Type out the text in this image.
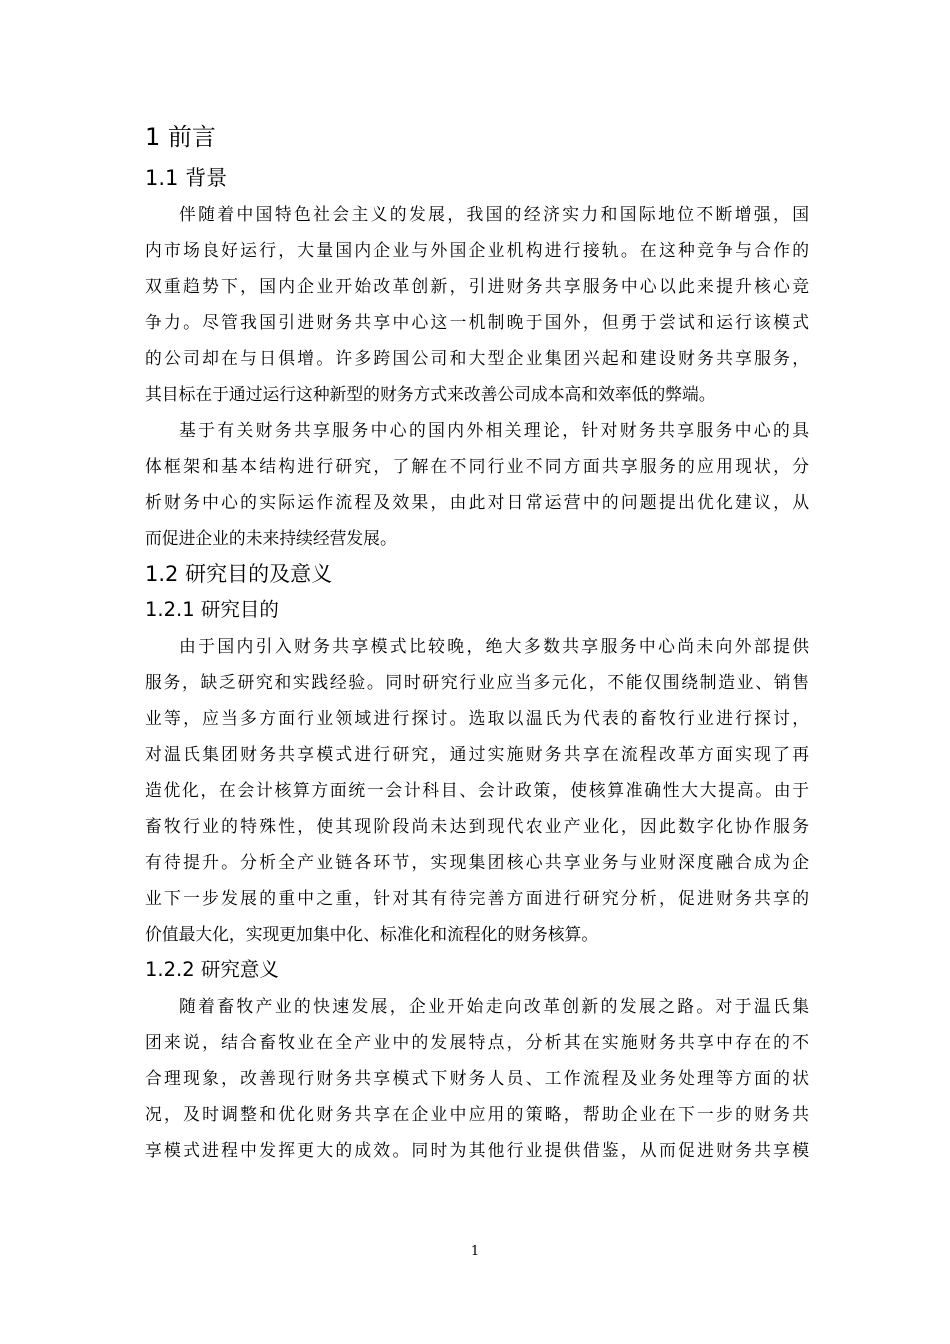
1 前言
1.1 背景
伴随着中国特色社会主义的发展，我国的经济实力和国际地位不断增强，国
内市场良好运行，大量国内企业与外国企业机构进行接轨。在这种竞争与合作的
双重趋势下，国内企业开始改革创新，引进财务共享服务中心以此来提升核心竞
争力。尽管我国引进财务共享中心这一机制晚于国外，但勇于尝试和运行该模式
的公司却在与日俱增。许多跨国公司和大型企业集团兴起和建设财务共享服务，
其目标在于通过运行这种新型的财务方式来改善公司成本高和效率低的弊端。
基于有关财务共享服务中心的国内外相关理论，针对财务共享服务中心的具
体框架和基本结构进行研究，了解在不同行业不同方面共享服务的应用现状，分
析财务中心的实际运作流程及效果，由此对日常运营中的问题提出优化建议，从
而促进企业的未来持续经营发展。
1.2 研究目的及意义
1.2.1 研究目的
由于国内引入财务共享模式比较晚，绝大多数共享服务中心尚未向外部提供
服务，缺乏研究和实践经验。同时研究行业应当多元化，不能仅围绕制造业、销售
业等，应当多方面行业领域进行探讨。选取以温氏为代表的畜牧行业进行探讨，
对温氏集团财务共享模式进行研究，通过实施财务共享在流程改革方面实现了再
造优化，在会计核算方面统一会计科目、会计政策，使核算准确性大大提高。由于
畜牧行业的特殊性，使其现阶段尚未达到现代农业产业化，因此数字化协作服务
有待提升。分析全产业链各环节，实现集团核心共享业务与业财深度融合成为企
业下一步发展的重中之重，针对其有待完善方面进行研究分析，促进财务共享的
价值最大化，实现更加集中化、标准化和流程化的财务核算。
1.2.2 研究意义
随着畜牧产业的快速发展，企业开始走向改革创新的发展之路。对于温氏集
团来说，结合畜牧业在全产业中的发展特点，分析其在实施财务共享中存在的不
合理现象，改善现行财务共享模式下财务人员、工作流程及业务处理等方面的状
况，及时调整和优化财务共享在企业中应用的策略，帮助企业在下一步的财务共
享模式进程中发挥更大的成效。同时为其他行业提供借鉴，从而促进财务共享模
1
